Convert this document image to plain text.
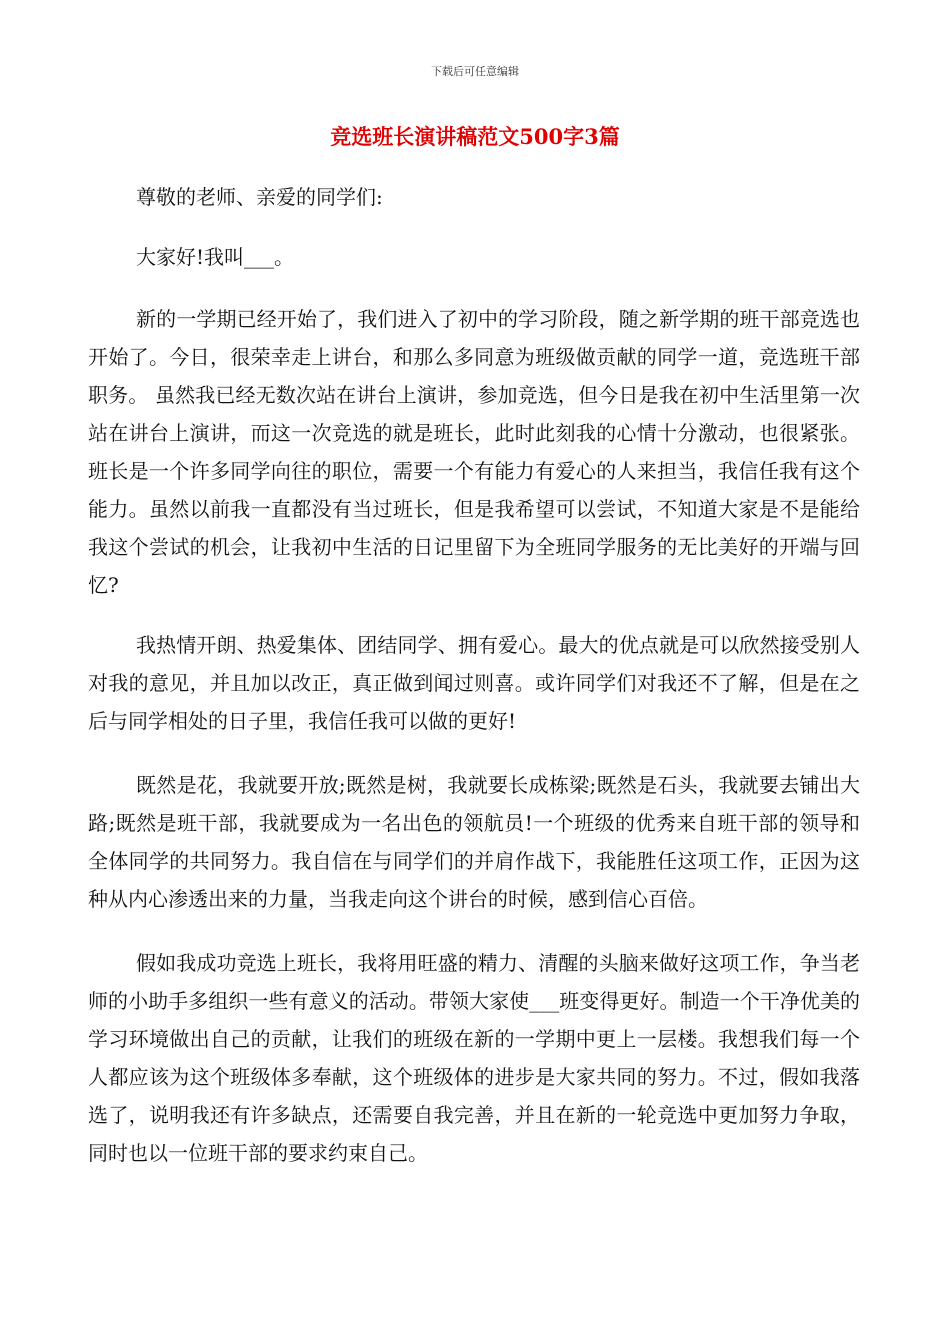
下载后可任意编辑
竞选班长演讲稿范文500字3篇

尊敬的老师、亲爱的同学们:

大家好!我叫___。

新的一学期已经开始了，我们进入了初中的学习阶段，随之新学期的班干部竞选也开始了。今日，很荣幸走上讲台，和那么多同意为班级做贡献的同学一道，竞选班干部职务。 虽然我已经无数次站在讲台上演讲，参加竞选，但今日是我在初中生活里第一次站在讲台上演讲，而这一次竞选的就是班长，此时此刻我的心情十分激动，也很紧张。班长是一个许多同学向往的职位，需要一个有能力有爱心的人来担当，我信任我有这个能力。虽然以前我一直都没有当过班长，但是我希望可以尝试，不知道大家是不是能给我这个尝试的机会，让我初中生活的日记里留下为全班同学服务的无比美好的开端与回忆?

我热情开朗、热爱集体、团结同学、拥有爱心。最大的优点就是可以欣然接受别人对我的意见，并且加以改正，真正做到闻过则喜。或许同学们对我还不了解，但是在之后与同学相处的日子里，我信任我可以做的更好!

既然是花，我就要开放;既然是树，我就要长成栋梁;既然是石头，我就要去铺出大路;既然是班干部，我就要成为一名出色的领航员!一个班级的优秀来自班干部的领导和全体同学的共同努力。我自信在与同学们的并肩作战下，我能胜任这项工作，正因为这种从内心渗透出来的力量，当我走向这个讲台的时候，感到信心百倍。

假如我成功竞选上班长，我将用旺盛的精力、清醒的头脑来做好这项工作，争当老师的小助手多组织一些有意义的活动。带领大家使___班变得更好。制造一个干净优美的学习环境做出自己的贡献，让我们的班级在新的一学期中更上一层楼。我想我们每一个人都应该为这个班级体多奉献，这个班级体的进步是大家共同的努力。不过，假如我落选了，说明我还有许多缺点，还需要自我完善，并且在新的一轮竞选中更加努力争取，同时也以一位班干部的要求约束自己。
